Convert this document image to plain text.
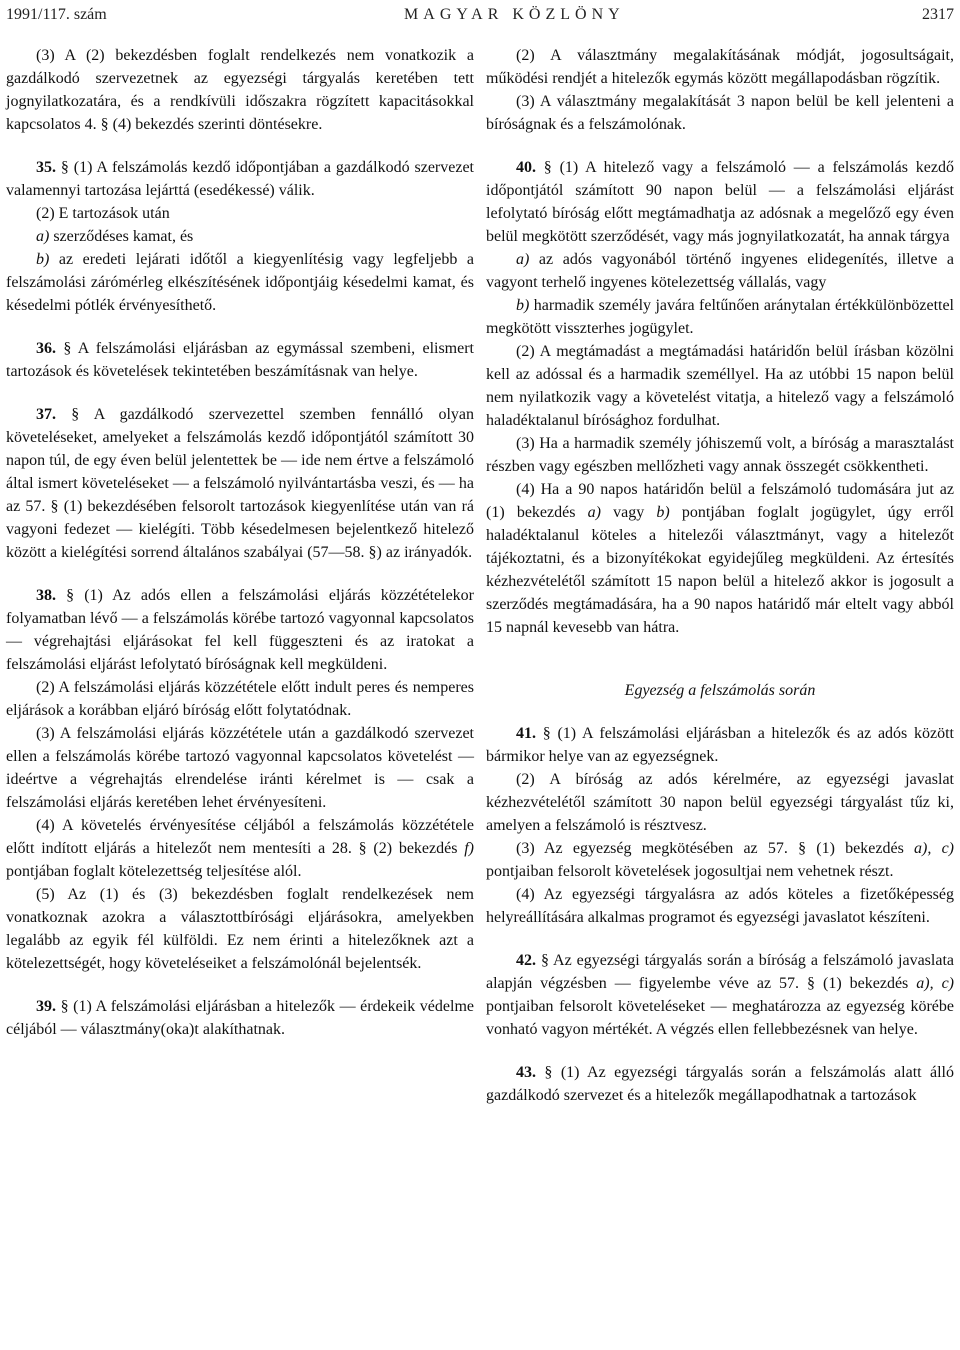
1991/117. szám	MAGYAR KÖZLÖNY	2317

(3) A (2) bekezdésben foglalt rendelkezés nem vonatkozik a gazdálkodó szervezetnek az egyezségi tárgyalás keretében tett jognyilatkozatára, és a rendkívüli időszakra rögzített kapacitásokkal kapcsolatos 4. § (4) bekezdés szerinti döntésekre.

35. § (1) A felszámolás kezdő időpontjában a gazdálkodó szervezet valamennyi tartozása lejárttá (esedékessé) válik.

(2) E tartozások után

a) szerződéses kamat, és

b) az eredeti lejárati időtől a kiegyenlítésig vagy legfeljebb a felszámolási zárómérleg elkészítésének időpontjáig késedelmi kamat, és késedelmi pótlék érvényesíthető.

36. § A felszámolási eljárásban az egymással szembeni, elismert tartozások és követelések tekintetében beszámításnak van helye.

37. § A gazdálkodó szervezettel szemben fennálló olyan követeléseket, amelyeket a felszámolás kezdő időpontjától számított 30 napon túl, de egy éven belül jelentettek be — ide nem értve a felszámoló által ismert követeléseket — a felszámoló nyilvántartásba veszi, és — ha az 57. § (1) bekezdésében felsorolt tartozások kiegyenlítése után van rá vagyoni fedezet — kielégíti. Több késedelmesen bejelentkező hitelező között a kielégítési sorrend általános szabályai (57—58. §) az irányadók.

38. § (1) Az adós ellen a felszámolási eljárás közzétételekor folyamatban lévő — a felszámolás körébe tartozó vagyonnal kapcsolatos — végrehajtási eljárásokat fel kell függeszteni és az iratokat a felszámolási eljárást lefolytató bíróságnak kell megküldeni.

(2) A felszámolási eljárás közzététele előtt indult peres és nemperes eljárások a korábban eljáró bíróság előtt folytatódnak.

(3) A felszámolási eljárás közzététele után a gazdálkodó szervezet ellen a felszámolás körébe tartozó vagyonnal kapcsolatos követelést — ideértve a végrehajtás elrendelése iránti kérelmet is — csak a felszámolási eljárás keretében lehet érvényesíteni.

(4) A követelés érvényesítése céljából a felszámolás közzététele előtt indított eljárás a hitelezőt nem mentesíti a 28. § (2) bekezdés f) pontjában foglalt kötelezettség teljesítése alól.

(5) Az (1) és (3) bekezdésben foglalt rendelkezések nem vonatkoznak azokra a választottbírósági eljárásokra, amelyekben legalább az egyik fél külföldi. Ez nem érinti a hitelezőknek azt a kötelezettségét, hogy követeléseiket a felszámolónál bejelentsék.

39. § (1) A felszámolási eljárásban a hitelezők — érdekeik védelme céljából — választmány(oka)t alakíthatnak.

(2) A választmány megalakításának módját, jogosultságait, működési rendjét a hitelezők egymás között megállapodásban rögzítik.

(3) A választmány megalakítását 3 napon belül be kell jelenteni a bíróságnak és a felszámolónak.

40. § (1) A hitelező vagy a felszámoló — a felszámolás kezdő időpontjától számított 90 napon belül — a felszámolási eljárást lefolytató bíróság előtt megtámadhatja az adósnak a megelőző egy éven belül megkötött szerződését, vagy más jognyilatkozatát, ha annak tárgya

a) az adós vagyonából történő ingyenes elidegenítés, illetve a vagyont terhelő ingyenes kötelezettség vállalás, vagy

b) harmadik személy javára feltűnően aránytalan értékkülönbözettel megkötött visszterhes jogügylet.

(2) A megtámadást a megtámadási határidőn belül írásban közölni kell az adóssal és a harmadik személlyel. Ha az utóbbi 15 napon belül nem nyilatkozik vagy a követelést vitatja, a hitelező vagy a felszámoló haladéktalanul bírósághoz fordulhat.

(3) Ha a harmadik személy jóhiszemű volt, a bíróság a marasztalást részben vagy egészben mellőzheti vagy annak összegét csökkentheti.

(4) Ha a 90 napos határidőn belül a felszámoló tudomására jut az (1) bekezdés a) vagy b) pontjában foglalt jogügylet, úgy erről haladéktalanul köteles a hitelezői választmányt, vagy a hitelezőt tájékoztatni, és a bizonyítékokat egyidejűleg megküldeni. Az értesítés kézhezvételétől számított 15 napon belül a hitelező akkor is jogosult a szerződés megtámadására, ha a 90 napos határidő már eltelt vagy abból 15 napnál kevesebb van hátra.

Egyezség a felszámolás során

41. § (1) A felszámolási eljárásban a hitelezők és az adós között bármikor helye van az egyezségnek.

(2) A bíróság az adós kérelmére, az egyezségi javaslat kézhezvételétől számított 30 napon belül egyezségi tárgyalást tűz ki, amelyen a felszámoló is résztvesz.

(3) Az egyezség megkötésében az 57. § (1) bekezdés a), c) pontjaiban felsorolt követelések jogosultjai nem vehetnek részt.

(4) Az egyezségi tárgyalásra az adós köteles a fizetőképesség helyreállítására alkalmas programot és egyezségi javaslatot készíteni.

42. § Az egyezségi tárgyalás során a bíróság a felszámoló javaslata alapján végzésben — figyelembe véve az 57. § (1) bekezdés a), c) pontjaiban felsorolt követeléseket — meghatározza az egyezség körébe vonható vagyon mértékét. A végzés ellen fellebbezésnek van helye.

43. § (1) Az egyezségi tárgyalás során a felszámolás alatt álló gazdálkodó szervezet és a hitelezők megállapodhatnak a tartozások
